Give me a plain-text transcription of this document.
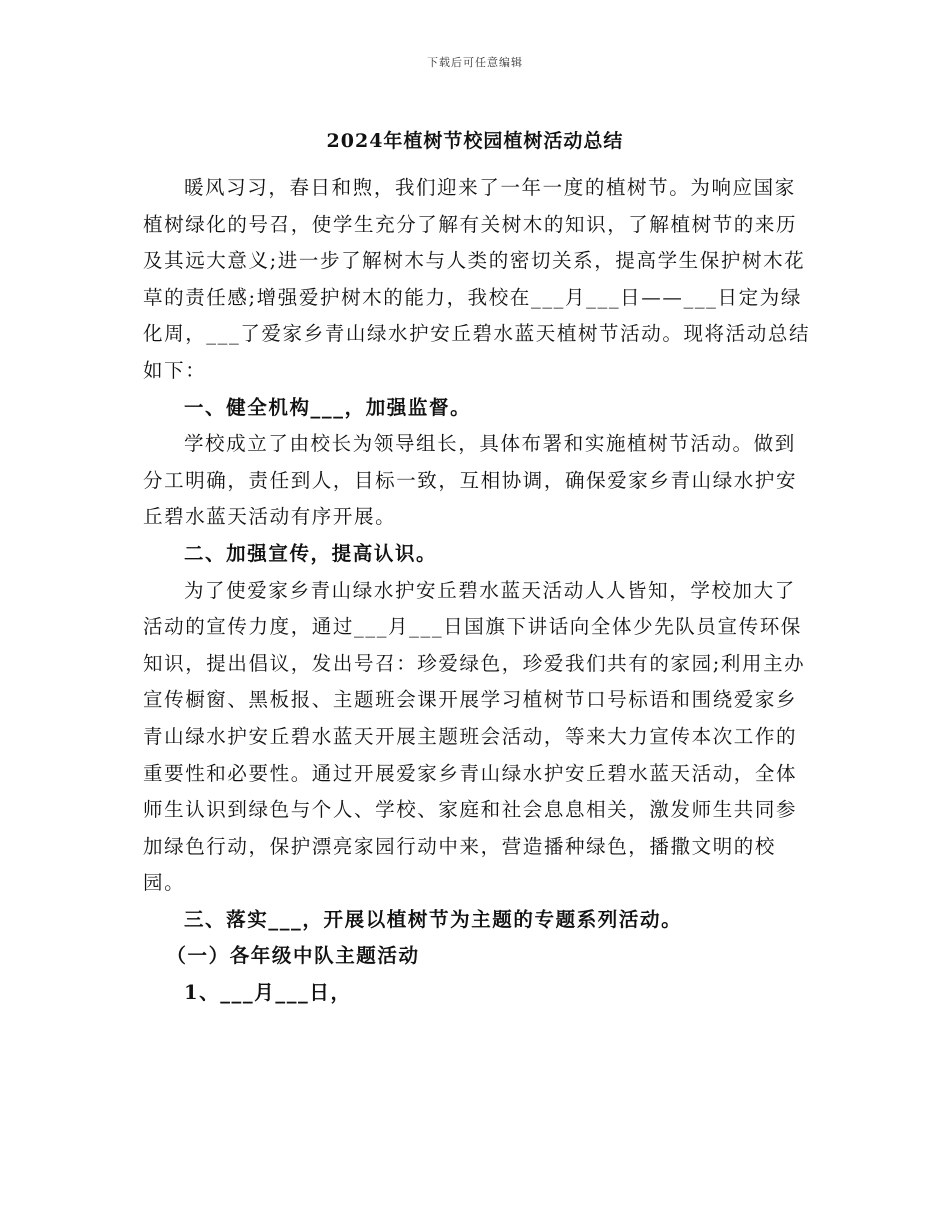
下载后可任意编辑
2024年植树节校园植树活动总结

暖风习习，春日和煦，我们迎来了一年一度的植树节。为响应国家植树绿化的号召，使学生充分了解有关树木的知识，了解植树节的来历及其远大意义;进一步了解树木与人类的密切关系，提高学生保护树木花草的责任感;增强爱护树木的能力，我校在___月___日——___日定为绿化周，___了爱家乡青山绿水护安丘碧水蓝天植树节活动。现将活动总结如下：

一、健全机构___，加强监督。

学校成立了由校长为领导组长，具体布署和实施植树节活动。做到分工明确，责任到人，目标一致，互相协调，确保爱家乡青山绿水护安丘碧水蓝天活动有序开展。

二、加强宣传，提高认识。

为了使爱家乡青山绿水护安丘碧水蓝天活动人人皆知，学校加大了活动的宣传力度，通过___月___日国旗下讲话向全体少先队员宣传环保知识，提出倡议，发出号召：珍爱绿色，珍爱我们共有的家园;利用主办宣传橱窗、黑板报、主题班会课开展学习植树节口号标语和围绕爱家乡青山绿水护安丘碧水蓝天开展主题班会活动，等来大力宣传本次工作的重要性和必要性。通过开展爱家乡青山绿水护安丘碧水蓝天活动，全体师生认识到绿色与个人、学校、家庭和社会息息相关，激发师生共同参加绿色行动，保护漂亮家园行动中来，营造播种绿色，播撒文明的校园。

三、落实___，开展以植树节为主题的专题系列活动。

（一）各年级中队主题活动

1、___月___日，
